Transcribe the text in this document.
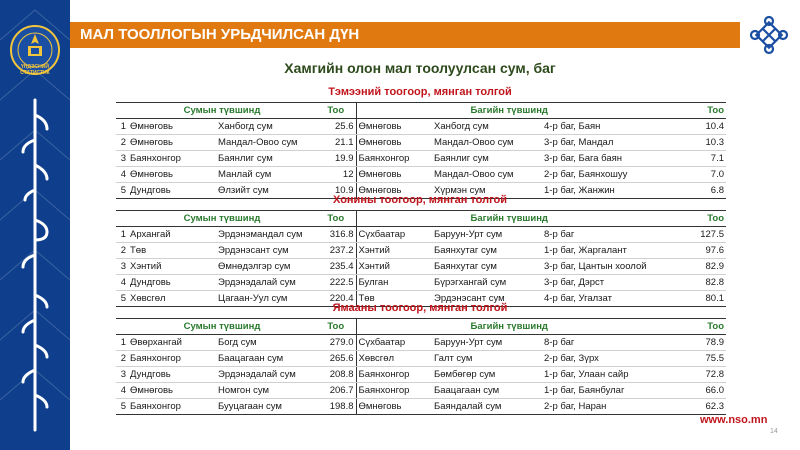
ҮНДЭСНИЙ
СТАТИСТИК
МАЛ ТООЛЛОГЫН УРЬДЧИЛСАН ДҮН
Хамгийн олон мал тоолуулсан сум, баг
Тэмээний тоогоор, мянган толгой
	Сумын түвшинд		Тоо	Багийн түвшинд			Тоо
1	Өмнөговь	Ханбогд сум	25.6	Өмнөговь	Ханбогд сум	4-р баг, Баян	10.4
2	Өмнөговь	Мандал-Овоо сум	21.1	Өмнөговь	Мандал-Овоо сум	3-р баг, Мандал	10.3
3	Баянхонгор	Баянлиг сум	19.9	Баянхонгор	Баянлиг сум	3-р баг, Бага баян	7.1
4	Өмнөговь	Манлай сум	12	Өмнөговь	Мандал-Овоо сум	2-р баг, Баянхошуу	7.0
5	Дундговь	Өлзийт сум	10.9	Өмнөговь	Хүрмэн сум	1-р баг, Жанжин	6.8
Хонины тоогоор, мянган толгой
	Сумын түвшинд		Тоо	Багийн түвшинд			Тоо
1	Архангай	Эрдэнэмандал сум	316.8	Сүхбаатар	Баруун-Урт сум	8-р баг	127.5
2	Төв	Эрдэнэсант сум	237.2	Хэнтий	Баянхутаг сум	1-р баг, Жаргалант	97.6
3	Хэнтий	Өмнөдэлгэр сум	235.4	Хэнтий	Баянхутаг сум	3-р баг, Цантын хоолой	82.9
4	Дундговь	Эрдэнэдалай сум	222.5	Булган	Бүрэгхангай сум	3-р баг, Дэрст	82.8
5	Хөвсгөл	Цагаан-Уул сум	220.4	Төв	Эрдэнэсант сум	4-р баг, Угалзат	80.1
Ямааны тоогоор, мянган толгой
	Сумын түвшинд		Тоо	Багийн түвшинд			Тоо
1	Өвөрхангай	Богд сум	279.0	Сүхбаатар	Баруун-Урт сум	8-р баг	78.9
2	Баянхонгор	Баацагаан сум	265.6	Хөвсгөл	Галт сум	2-р баг, Зүрх	75.5
3	Дундговь	Эрдэнэдалай сум	208.8	Баянхонгор	Бөмбөгөр сум	1-р баг, Улаан сайр	72.8
4	Өмнөговь	Номгон сум	206.7	Баянхонгор	Баацагаан сум	1-р баг, Баянбулаг	66.0
5	Баянхонгор	Бууцагаан сум	198.8	Өмнөговь	Баяндалай сум	2-р баг, Наран	62.3
www.nso.mn
14
